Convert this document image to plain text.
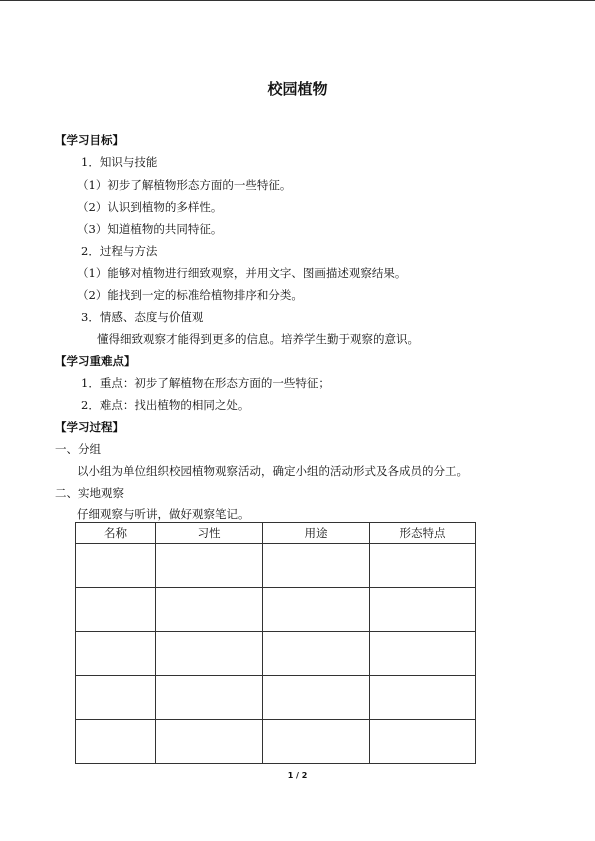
校园植物
【学习目标】
1．知识与技能
（1）初步了解植物形态方面的一些特征。
（2）认识到植物的多样性。
（3）知道植物的共同特征。
2．过程与方法
（1）能够对植物进行细致观察，并用文字、图画描述观察结果。
（2）能找到一定的标准给植物排序和分类。
3．情感、态度与价值观
懂得细致观察才能得到更多的信息。培养学生勤于观察的意识。
【学习重难点】
1．重点：初步了解植物在形态方面的一些特征；
2．难点：找出植物的相同之处。
【学习过程】
一、分组
以小组为单位组织校园植物观察活动，确定小组的活动形式及各成员的分工。
二、实地观察
仔细观察与听讲，做好观察笔记。
名称	习性	用途	形态特点

1 / 2
